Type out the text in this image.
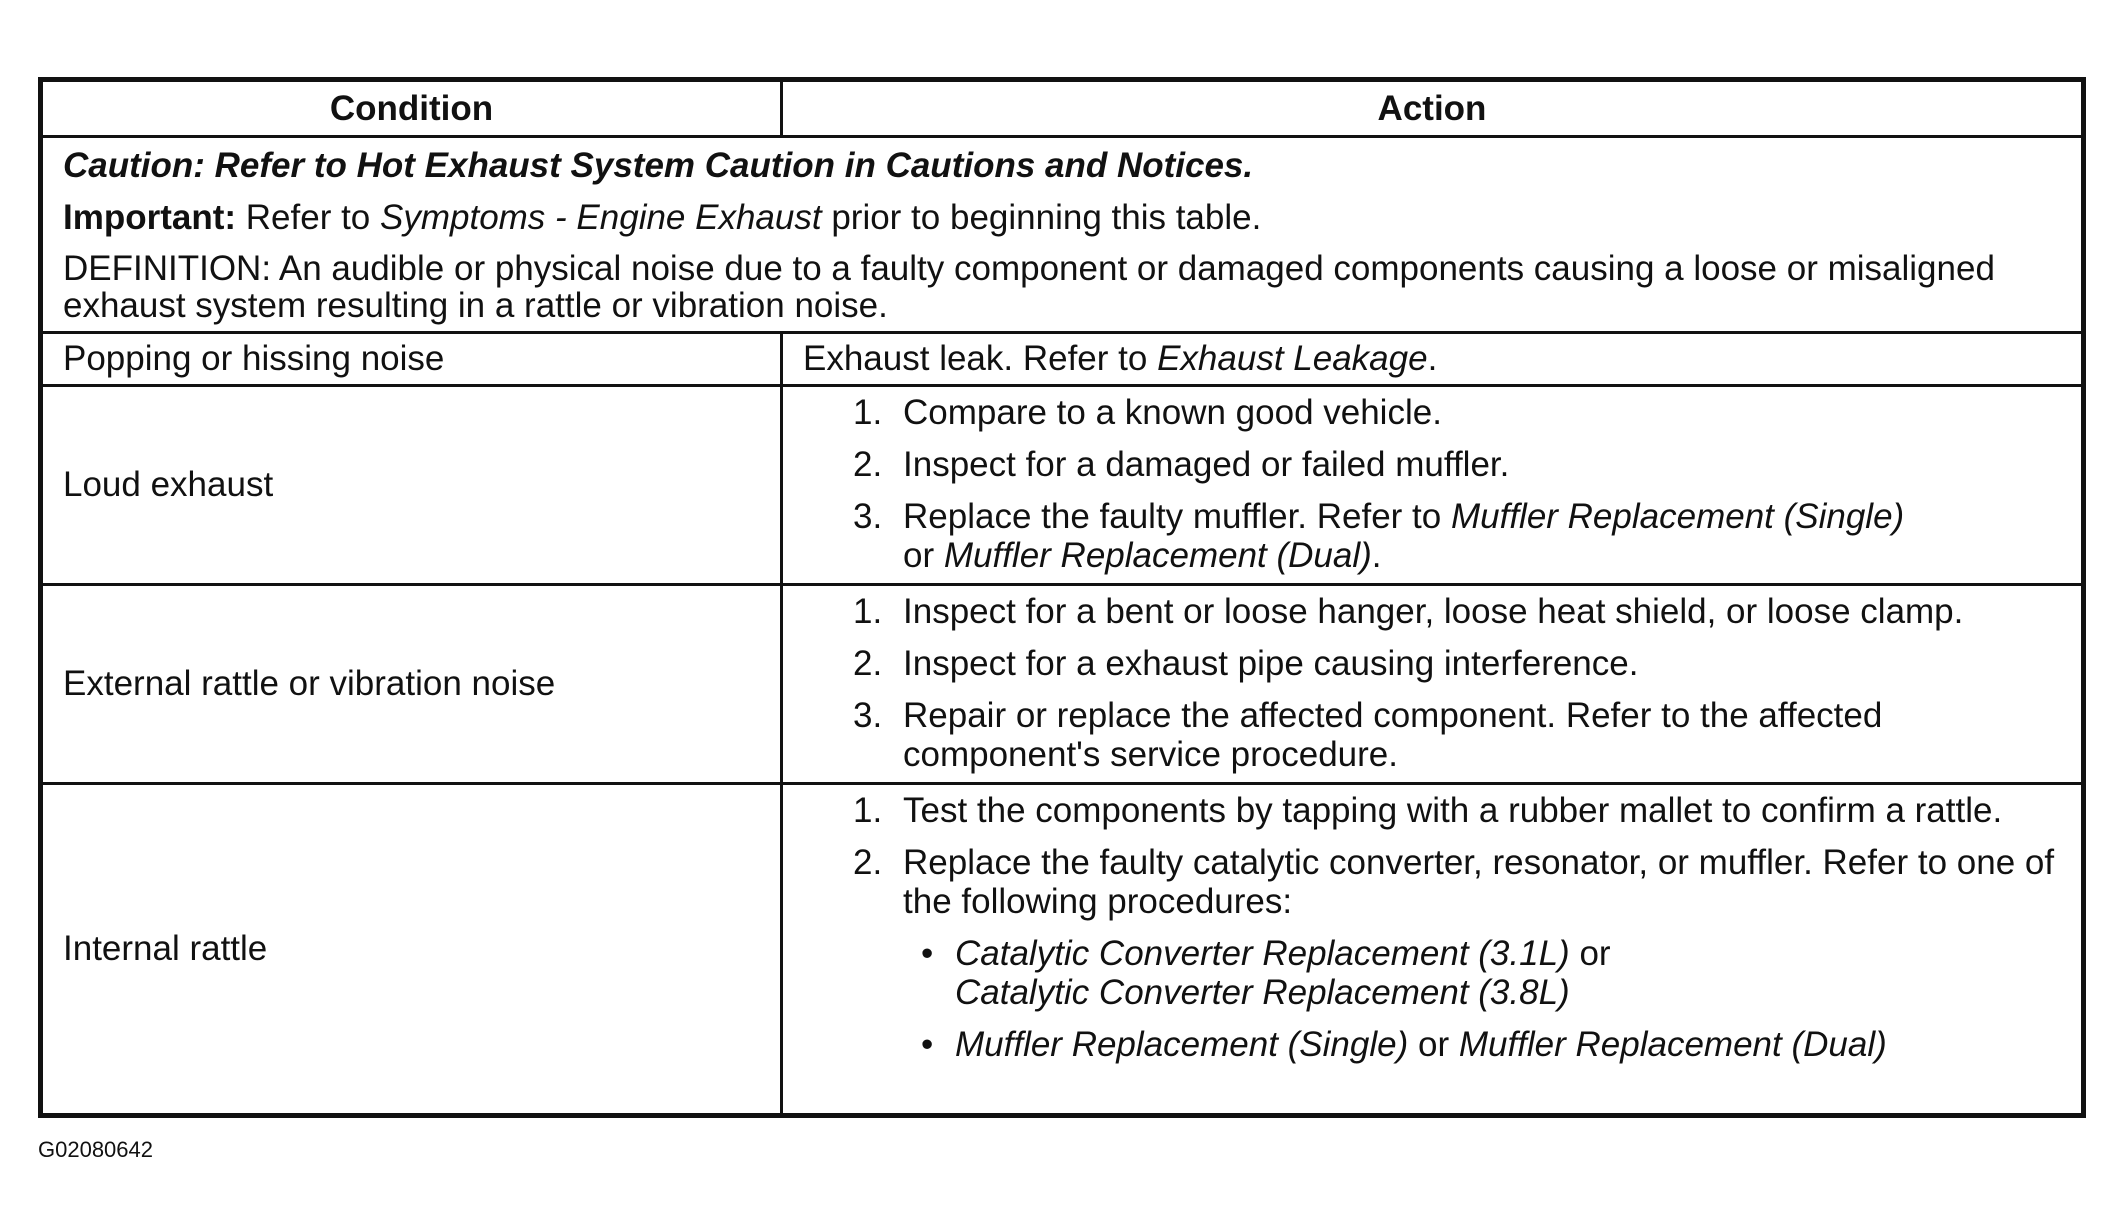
Condition	Action

Caution: Refer to Hot Exhaust System Caution in Cautions and Notices.

Important: Refer to Symptoms - Engine Exhaust prior to beginning this table.

DEFINITION: An audible or physical noise due to a faulty component or damaged components causing a loose or misaligned exhaust system resulting in a rattle or vibration noise.

Popping or hissing noise	Exhaust leak. Refer to Exhaust Leakage.
Loud exhaust
1. Compare to a known good vehicle.
2. Inspect for a damaged or failed muffler.
3. Replace the faulty muffler. Refer to Muffler Replacement (Single)
or Muffler Replacement (Dual).
External rattle or vibration noise
1. Inspect for a bent or loose hanger, loose heat shield, or loose clamp.
2. Inspect for a exhaust pipe causing interference.
3. Repair or replace the affected component. Refer to the affected component's service procedure.
Internal rattle
1. Test the components by tapping with a rubber mallet to confirm a rattle.
2. Replace the faulty catalytic converter, resonator, or muffler. Refer to one of the following procedures:
• Catalytic Converter Replacement (3.1L) or
Catalytic Converter Replacement (3.8L)
• Muffler Replacement (Single) or Muffler Replacement (Dual)
G02080642
